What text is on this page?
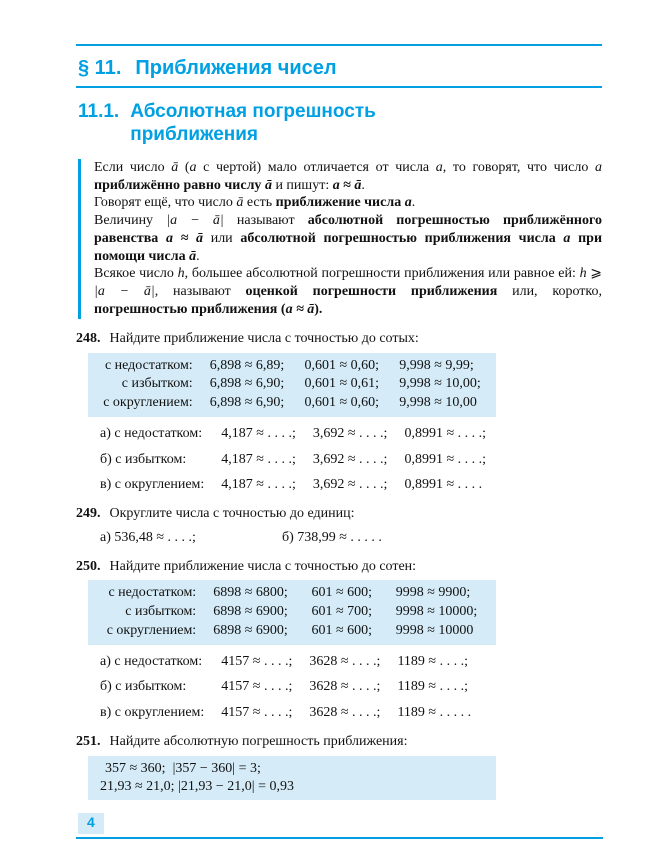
§ 11. Приближения чисел
11.1. Абсолютная погрешность приближения

Если число ā (a с чертой) мало отличается от числа a, то говорят, что число a приближённо равно числу ā и пишут: a ≈ ā.

Говорят ещё, что число ā есть приближение числа a.

Величину |a − ā| называют абсолютной погрешностью приближённого равенства a ≈ ā или абсолютной погрешностью приближения числа a при помощи числа ā.

Всякое число h, большее абсолютной погрешности приближения или равное ей: h ⩾ |a − ā|, называют оценкой погрешности приближения или, коротко, погрешностью приближения (a ≈ ā).

248. Найдите приближение числа с точностью до сотых:

с недостатком: 6,898 ≈ 6,89; 0,601 ≈ 0,60; 9,998 ≈ 9,99;
с избытком: 6,898 ≈ 6,90; 0,601 ≈ 0,61; 9,998 ≈ 10,00;
с округлением: 6,898 ≈ 6,90; 0,601 ≈ 0,60; 9,998 ≈ 10,00
а) с недостатком: 4,187 ≈ . . . .; 3,692 ≈ . . . .; 0,8991 ≈ . . . .;
б) с избытком:	4,187 ≈ . . . .; 3,692 ≈ . . . .; 0,8991 ≈ . . . .;
в) с округлением: 4,187 ≈ . . . .; 3,692 ≈ . . . .; 0,8991 ≈ . . . .

249. Округлите числа с точностью до единиц:

а) 536,48 ≈ . . . .;	б) 738,99 ≈ . . . . .

250. Найдите приближение числа с точностью до сотен:

с недостатком: 6898 ≈ 6800;	601 ≈ 600;	9998 ≈ 9900;
с избытком: 6898 ≈ 6900;	601 ≈ 700;	9998 ≈ 10000;
с округлением: 6898 ≈ 6900;	601 ≈ 600;	9998 ≈ 10000
а) с недостатком: 4157 ≈ . . . .; 3628 ≈ . . . .; 1189 ≈ . . . .;
б) с избытком:	4157 ≈ . . . .; 3628 ≈ . . . .; 1189 ≈ . . . .;
в) с округлением: 4157 ≈ . . . .; 3628 ≈ . . . .; 1189 ≈ . . . . .

251. Найдите абсолютную погрешность приближения:

357 ≈ 360;  |357 − 360| = 3;
21,93 ≈ 21,0; |21,93 − 21,0| = 0,93
4
